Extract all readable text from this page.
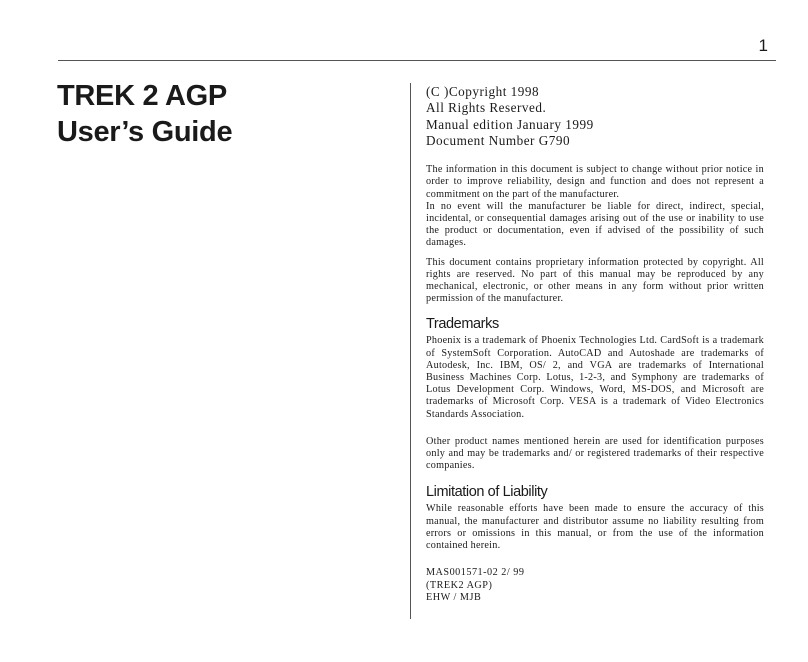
1
TREK 2 AGP
User’s Guide
(C )Copyright 1998
All Rights Reserved.
Manual edition January 1999
Document Number G790

The information in this document is subject to change without prior notice in order to improve reliability, design and function and does not represent a commitment on the part of the manufacturer.

In no event will the manufacturer be liable for direct, indirect, special, incidental, or consequential damages arising out of the use or inability to use the product or documentation, even if advised of the possibility of such damages.

This document contains proprietary information protected by copyright. All rights are reserved. No part of this manual may be reproduced by any mechanical, electronic, or other means in any form without prior written permission of the manufacturer.

Trademarks

Phoenix is a trademark of Phoenix Technologies Ltd. CardSoft is a trademark of SystemSoft Corporation. AutoCAD and Autoshade are trademarks of Autodesk, Inc. IBM, OS/ 2, and VGA are trademarks of International Business Machines Corp. Lotus, 1-2-3, and Symphony are trademarks of Lotus Development Corp. Windows, Word, MS-DOS, and Microsoft are trademarks of Microsoft Corp. VESA is a trademark of Video Electronics Standards Association.

Other product names mentioned herein are used for identification purposes only and may be trademarks and/ or registered trademarks of their respective companies.

Limitation of Liability

While reasonable efforts have been made to ensure the accuracy of this manual, the manufacturer and distributor assume no liability resulting from errors or omissions in this manual, or from the use of the information contained herein.

MAS001571-02 2/ 99
(TREK2 AGP)
EHW / MJB
